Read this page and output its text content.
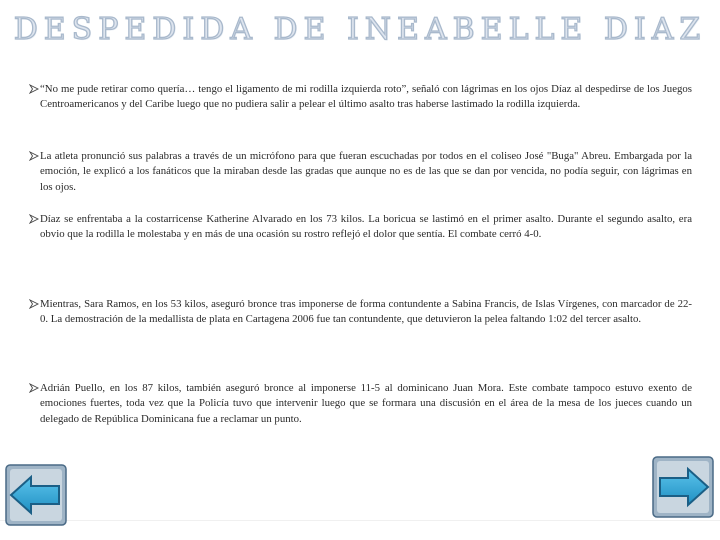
DESPEDIDA DE INEABELLE DIAZ
“No me pude retirar como quería… tengo el ligamento de mi rodilla izquierda roto”, señaló con lágrimas en los ojos Díaz al despedirse de los Juegos Centroamericanos y del Caribe luego que no pudiera salir a pelear el último asalto tras haberse lastimado la rodilla izquierda.
La atleta pronunció sus palabras a través de un micrófono para que fueran escuchadas por todos en el coliseo José "Buga" Abreu. Embargada por la emoción, le explicó a los fanáticos que la miraban desde las gradas que aunque no es de las que se dan por vencida, no podía seguir, con lágrimas en los ojos.
Díaz se enfrentaba a la costarricense Katherine Alvarado en los 73 kilos. La boricua se lastimó en el primer asalto. Durante el segundo asalto, era obvio que la rodilla le molestaba y en más de una ocasión su rostro reflejó el dolor que sentía. El combate cerró 4-0.
Mientras, Sara Ramos, en los 53 kilos, aseguró bronce tras imponerse de forma contundente a Sabina Francis, de Islas Vírgenes, con marcador de 22-0. La demostración de la medallista de plata en Cartagena 2006 fue tan contundente, que detuvieron la pelea faltando 1:02 del tercer asalto.
Adrián Puello, en los 87 kilos, también aseguró bronce al imponerse 11-5 al dominicano Juan Mora. Este combate tampoco estuvo exento de emociones fuertes, toda vez que la Policía tuvo que intervenir luego que se formara una discusión en el área de la mesa de los jueces cuando un delegado de República Dominicana fue a reclamar un punto.
